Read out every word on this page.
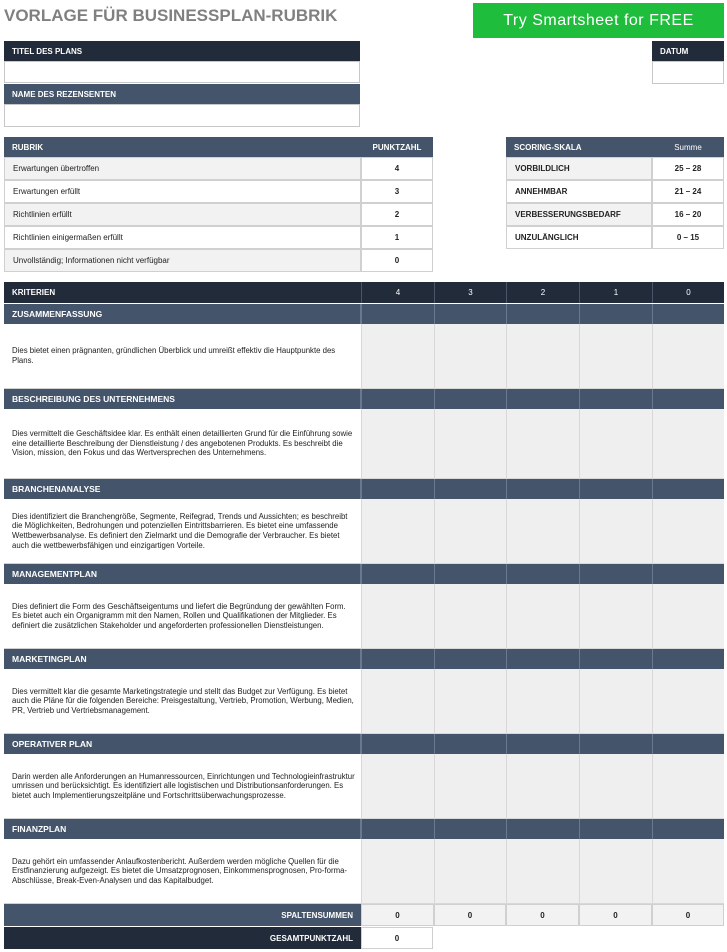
VORLAGE FÜR BUSINESSPLAN-RUBRIK	Try Smartsheet for FREE
TITEL DES PLANS	DATUM
NAME DES REZENSENTEN
RUBRIK	PUNKTZAHL
Erwartungen übertroffen	4
Erwartungen erfüllt	3
Richtlinien erfüllt	2
Richtlinien einigermaßen erfüllt	1
Unvollständig; Informationen nicht verfügbar	0
SCORING-SKALA	Summe
VORBILDLICH	25 – 28
ANNEHMBAR	21 – 24
VERBESSERUNGSBEDARF	16 – 20
UNZULÄNGLICH	0 – 15
KRITERIEN	4	3	2	1	0
ZUSAMMENFASSUNG
Dies bietet einen prägnanten, gründlichen Überblick und umreißt effektiv die Hauptpunkte des Plans.
BESCHREIBUNG DES UNTERNEHMENS
Dies vermittelt die Geschäftsidee klar. Es enthält einen detaillierten Grund für die Einführung sowie eine detaillierte Beschreibung der Dienstleistung / des angebotenen Produkts. Es beschreibt die Vision, mission, den Fokus und das Wertversprechen des Unternehmens.
BRANCHENANALYSE
Dies identifiziert die Branchengröße, Segmente, Reifegrad, Trends und Aussichten; es beschreibt die Möglichkeiten, Bedrohungen und potenziellen Eintrittsbarrieren. Es bietet eine umfassende Wettbewerbsanalyse. Es definiert den Zielmarkt und die Demografie der Verbraucher. Es bietet auch die wettbewerbsfähigen und einzigartigen Vorteile.
MANAGEMENTPLAN
Dies definiert die Form des Geschäftseigentums und liefert die Begründung der gewählten Form. Es bietet auch ein Organigramm mit den Namen, Rollen und Qualifikationen der Mitglieder. Es definiert die zusätzlichen Stakeholder und angeforderten professionellen Dienstleistungen.
MARKETINGPLAN
Dies vermittelt klar die gesamte Marketingstrategie und stellt das Budget zur Verfügung. Es bietet auch die Pläne für die folgenden Bereiche: Preisgestaltung, Vertrieb, Promotion, Werbung, Medien, PR, Vertrieb und Vertriebsmanagement.
OPERATIVER PLAN
Darin werden alle Anforderungen an Humanressourcen, Einrichtungen und Technologieinfrastruktur umrissen und berücksichtigt. Es identifiziert alle logistischen und Distributionsanforderungen. Es bietet auch Implementierungszeitpläne und Fortschrittsüberwachungsprozesse.
FINANZPLAN
Dazu gehört ein umfassender Anlaufkostenbericht. Außerdem werden mögliche Quellen für die Erstfinanzierung aufgezeigt. Es bietet die Umsatzprognosen, Einkommensprognosen, Pro-forma-Abschlüsse, Break-Even-Analysen und das Kapitalbudget.
SPALTENSUMMEN	0	0	0	0	0
GESAMTPUNKTZAHL	0
